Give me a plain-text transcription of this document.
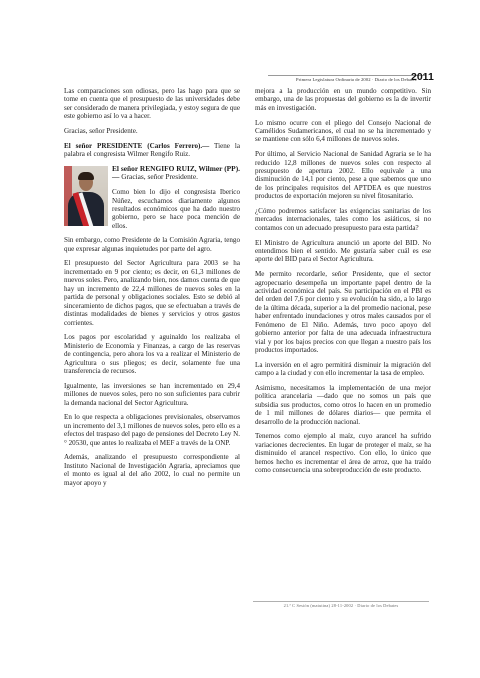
Primera Legislatura Ordinaria de 2002 · Diario de los Debates
2011

Las comparaciones son odiosas, pero las hago para que se tome en cuenta que el presupuesto de las universidades debe ser considerado de manera privilegiada, y estoy segura de que este gobierno así lo va a hacer.

Gracias, señor Presidente.

El señor PRESIDENTE (Carlos Ferrero).— Tiene la palabra el congresista Wilmer Rengifo Ruiz.

El señor RENGIFO RUIZ, Wilmer (PP).— Gracias, señor Presidente.

Como bien lo dijo el congresista Iberico Núñez, escuchamos diariamente algunos resultados económicos que ha dado nuestro gobierno, pero se hace poca mención de ellos.

Sin embargo, como Presidente de la Comisión Agraria, tengo que expresar algunas inquietudes por parte del agro.

El presupuesto del Sector Agricultura para 2003 se ha incrementado en 9 por ciento; es decir, en 61,3 millones de nuevos soles. Pero, analizando bien, nos damos cuenta de que hay un incremento de 22,4 millones de nuevos soles en la partida de personal y obligaciones sociales. Esto se debió al sinceramiento de dichos pagos, que se efectuaban a través de distintas modalidades de bienes y servicios y otros gastos corrientes.

Los pagos por escolaridad y aguinaldo los realizaba el Ministerio de Economía y Finanzas, a cargo de las reservas de contingencia, pero ahora los va a realizar el Ministerio de Agricultura o sus pliegos; es decir, solamente fue una transferencia de recursos.

Igualmente, las inversiones se han incrementado en 29,4 millones de nuevos soles, pero no son suficientes para cubrir la demanda nacional del Sector Agricultura.

En lo que respecta a obligaciones previsionales, observamos un incremento del 3,1 millones de nuevos soles, pero ello es a efectos del traspaso del pago de pensiones del Decreto Ley N.° 20530, que antes lo realizaba el MEF a través de la ONP.

Además, analizando el presupuesto correspondiente al Instituto Nacional de Investigación Agraria, apreciamos que el monto es igual al del año 2002, lo cual no permite un mayor apoyo y

mejora a la producción en un mundo competitivo. Sin embargo, una de las propuestas del gobierno es la de invertir más en investigación.

Lo mismo ocurre con el pliego del Consejo Nacional de Camélidos Sudamericanos, el cual no se ha incrementado y se mantiene con sólo 6,4 millones de nuevos soles.

Por último, al Servicio Nacional de Sanidad Agraria se le ha reducido 12,8 millones de nuevos soles con respecto al presupuesto de apertura 2002. Ello equivale a una disminución de 14,1 por ciento, pese a que sabemos que uno de los principales requisitos del APTDEA es que nuestros productos de exportación mejoren su nivel fitosanitario.

¿Cómo podremos satisfacer las exigencias sanitarias de los mercados internacionales, tales como los asiáticos, si no contamos con un adecuado presupuesto para esta partida?

El Ministro de Agricultura anunció un aporte del BID. No entendimos bien el sentido. Me gustaría saber cuál es ese aporte del BID para el Sector Agricultura.

Me permito recordarle, señor Presidente, que el sector agropecuario desempeña un importante papel dentro de la actividad económica del país. Su participación en el PBI es del orden del 7,6 por ciento y su evolución ha sido, a lo largo de la última década, superior a la del promedio nacional, pese haber enfrentado inundaciones y otros males causados por el Fenómeno de El Niño. Además, tuvo poco apoyo del gobierno anterior por falta de una adecuada infraestructura vial y por los bajos precios con que llegan a nuestro país los productos importados.

La inversión en el agro permitirá disminuir la migración del campo a la ciudad y con ello incrementar la tasa de empleo.

Asimismo, necesitamos la implementación de una mejor política arancelaria —dado que no somos un país que subsidia sus productos, como otros lo hacen en un promedio de 1 mil millones de dólares diarios— que permita el desarrollo de la producción nacional.

Tenemos como ejemplo al maíz, cuyo arancel ha sufrido variaciones decrecientes. En lugar de proteger el maíz, se ha disminuido el arancel respectivo. Con ello, lo único que hemos hecho es incrementar el área de arroz, que ha traído como consecuencia una sobreproducción de este producto.

21.ª C Sesión (matutina) 28-11-2002 · Diario de los Debates
